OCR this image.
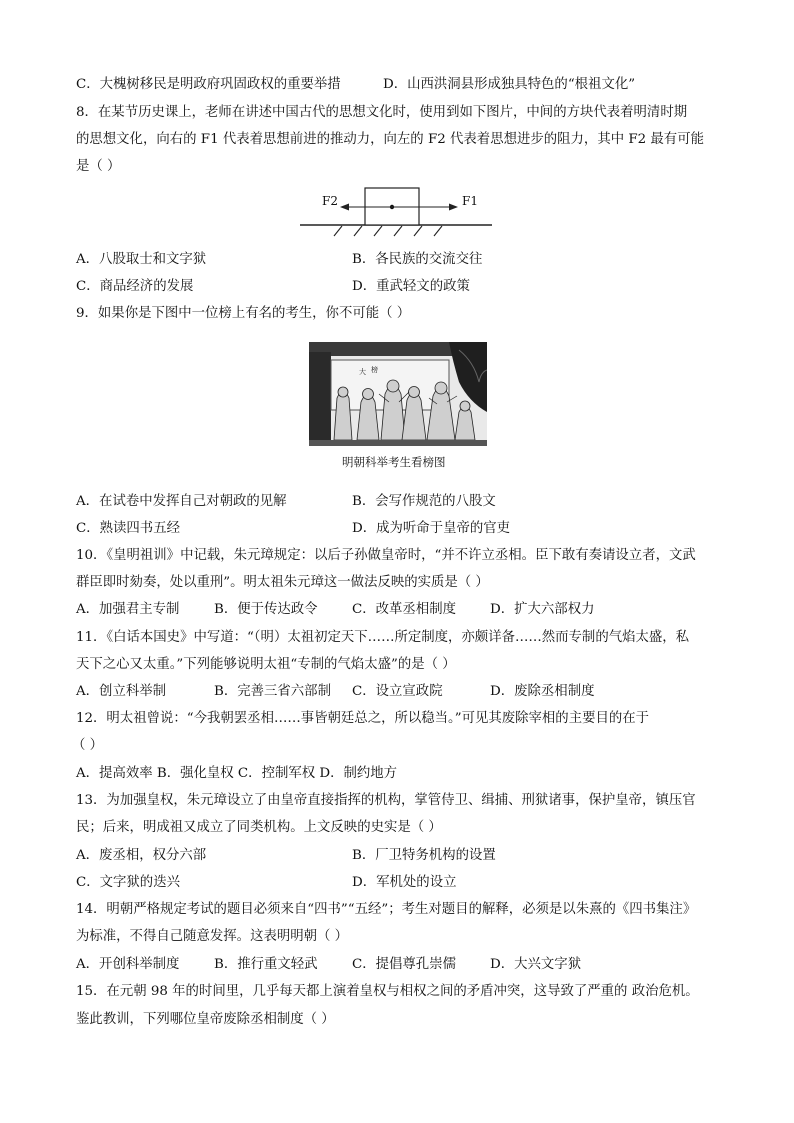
C．大槐树移民是明政府巩固政权的重要举措	D．山西洪洞县形成独具特色的“根祖文化”
8．在某节历史课上，老师在讲述中国古代的思想文化时，使用到如下图片，中间的方块代表着明清时期
的思想文化，向右的 F1 代表着思想前进的推动力，向左的 F2 代表着思想进步的阻力，其中 F2 最有可能
是（ ）
F2	F1
A．八股取士和文字狱	B．各民族的交流交往
C．商品经济的发展	D．重武轻文的政策
9．如果你是下图中一位榜上有名的考生，你不可能（ ）
大 榜
明朝科举考生看榜图
A．在试卷中发挥自己对朝政的见解	B．会写作规范的八股文
C．熟读四书五经	D．成为听命于皇帝的官吏
10．《皇明祖训》中记载，朱元璋规定：以后子孙做皇帝时，“并不许立丞相。臣下敢有奏请设立者，文武
群臣即时劾奏，处以重刑”。明太祖朱元璋这一做法反映的实质是（ ）
A．加强君主专制	B．便于传达政令	C．改革丞相制度	D．扩大六部权力
11．《白话本国史》中写道：“（明）太祖初定天下……所定制度，亦颇详备……然而专制的气焰太盛，私
天下之心又太重。”下列能够说明太祖“专制的气焰太盛”的是（ ）
A．创立科举制	B．完善三省六部制 C．设立宣政院	D．废除丞相制度
12．明太祖曾说：“今我朝罢丞相……事皆朝廷总之，所以稳当。”可见其废除宰相的主要目的在于
（ ）
A．提高效率 B．强化皇权 C．控制军权 D．制约地方
13．为加强皇权，朱元璋设立了由皇帝直接指挥的机构，掌管侍卫、缉捕、刑狱诸事，保护皇帝，镇压官
民；后来，明成祖又成立了同类机构。上文反映的史实是（ ）
A．废丞相，权分六部	B．厂卫特务机构的设置
C．文字狱的迭兴	D．军机处的设立
14．明朝严格规定考试的题目必须来自“四书”“五经”；考生对题目的解释，必须是以朱熹的《四书集注》
为标准，不得自己随意发挥。这表明明朝（ ）
A．开创科举制度	B．推行重文轻武	C．提倡尊孔崇儒	D．大兴文字狱
15．在元朝 98 年的时间里，几乎每天都上演着皇权与相权之间的矛盾冲突，这导致了严重的 政治危机。
鉴此教训，下列哪位皇帝废除丞相制度（ ）
